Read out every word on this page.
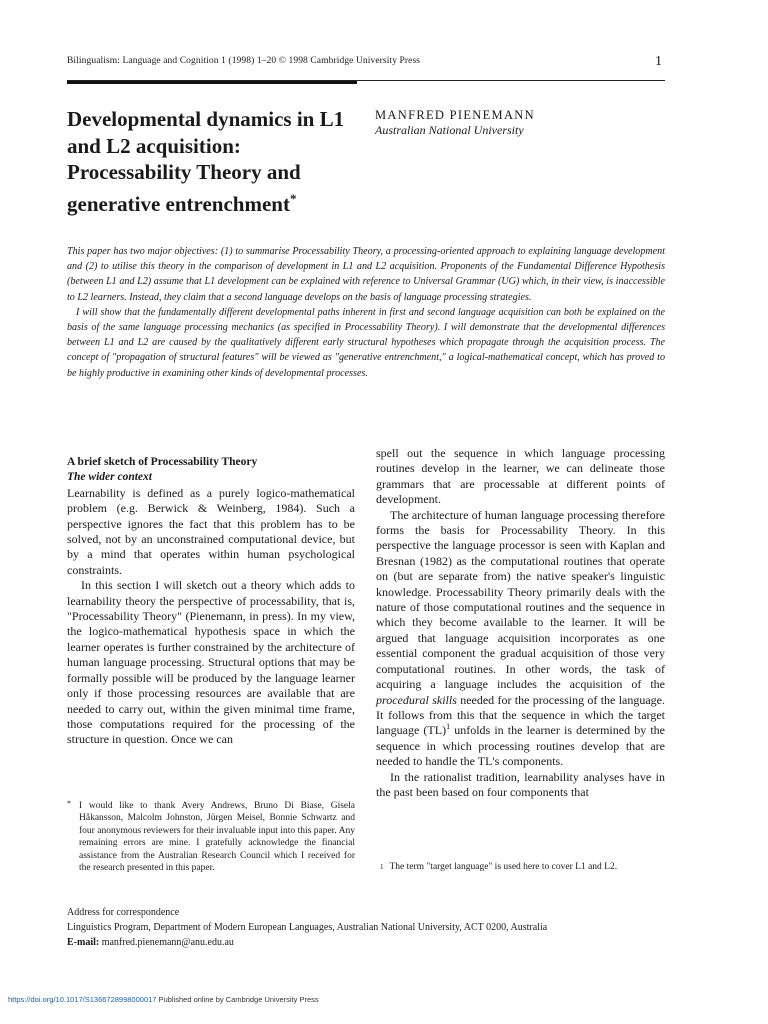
Bilingualism: Language and Cognition 1 (1998) 1–20 © 1998 Cambridge University Press	1
Developmental dynamics in L1 and L2 acquisition: Processability Theory and generative entrenchment*
MANFRED PIENEMANN
Australian National University

This paper has two major objectives: (1) to summarise Processability Theory, a processing-oriented approach to explaining language development and (2) to utilise this theory in the comparison of development in L1 and L2 acquisition. Proponents of the Fundamental Difference Hypothesis (between L1 and L2) assume that L1 development can be explained with reference to Universal Grammar (UG) which, in their view, is inaccessible to L2 learners. Instead, they claim that a second language develops on the basis of language processing strategies.

I will show that the fundamentally different developmental paths inherent in first and second language acquisition can both be explained on the basis of the same language processing mechanics (as specified in Processability Theory). I will demonstrate that the developmental differences between L1 and L2 are caused by the qualitatively different early structural hypotheses which propagate through the acquisition process. The concept of "propagation of structural features" will be viewed as "generative entrenchment," a logical-mathematical concept, which has proved to be highly productive in examining other kinds of developmental processes.

A brief sketch of Processability Theory

The wider context

Learnability is defined as a purely logico-mathematical problem (e.g. Berwick & Weinberg, 1984). Such a perspective ignores the fact that this problem has to be solved, not by an unconstrained computational device, but by a mind that operates within human psychological constraints.

In this section I will sketch out a theory which adds to learnability theory the perspective of processability, that is, "Processability Theory" (Pienemann, in press). In my view, the logico-mathematical hypothesis space in which the learner operates is further constrained by the architecture of human language processing. Structural options that may be formally possible will be produced by the language learner only if those processing resources are available that are needed to carry out, within the given minimal time frame, those computations required for the processing of the structure in question. Once we can

spell out the sequence in which language processing routines develop in the learner, we can delineate those grammars that are processable at different points of development.

The architecture of human language processing therefore forms the basis for Processability Theory. In this perspective the language processor is seen with Kaplan and Bresnan (1982) as the computational routines that operate on (but are separate from) the native speaker's linguistic knowledge. Processability Theory primarily deals with the nature of those computational routines and the sequence in which they become available to the learner. It will be argued that language acquisition incorporates as one essential component the gradual acquisition of those very computational routines. In other words, the task of acquiring a language includes the acquisition of the procedural skills needed for the processing of the language. It follows from this that the sequence in which the target language (TL)$^1$ unfolds in the learner is determined by the sequence in which processing routines develop that are needed to handle the TL's components.

In the rationalist tradition, learnability analyses have in the past been based on four components that

* I would like to thank Avery Andrews, Bruno Di Biase, Gisela Håkansson, Malcolm Johnston, Jürgen Meisel, Bonnie Schwartz and four anonymous reviewers for their invaluable input into this paper. Any remaining errors are mine. I gratefully acknowledge the financial assistance from the Australian Research Council which I received for the research presented in this paper.	$^1$ The term "target language" is used here to cover L1 and L2.
Address for correspondence
Linguistics Program, Department of Modern European Languages, Australian National University, ACT 0200, Australia
E-mail: manfred.pienemann@anu.edu.au
https://doi.org/10.1017/S1366728998000017 Published online by Cambridge University Press
